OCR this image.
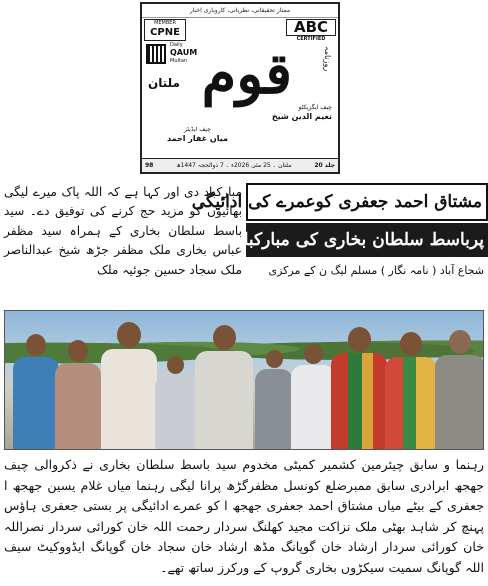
ممتاز تحقیقاتی، نظریاتی، کاروباری اخبار
MEMBER
CPNE	ABC
CERTIFIED
Daily
QAUM
Multan قوم	روزنامہ
ملتان
چیف ایگزیکٹو
نعیم الدین شیخ
چیف ایڈیٹر
میاں غفار احمد
جلد 20
ملتان ۔ 25 مئی 2026ء ۔ 7 ذوالحجہ 1447ھ
98
مشتاق احمد جعفری کوعمرے کی ادائیگی
پرباسط سلطان بخاری کی مبارکباد
شجاع آباد ( نامہ نگار ) مسلم لیگ ن کے مرکزی
مبارکباد دی اور کہا ہے کہ اللہ پاک میرے لیگی بھائیوں کو مزید حج کرنے کی توفیق دے۔ سید باسط سلطان بخاری کے ہمراہ سید مظفر عباس بخاری ملک مظفر جڑھ شیخ عبدالناصر ملک سجاد حسین جوئیہ ملک
رہنما و سابق چیئرمین کشمیر کمیٹی مخدوم سید باسط سلطان بخاری نے ذکروالی چیف جھجھ ابرادری سابق ممبرضلع کونسل مظفرگڑھ پرانا لیگی رہنما میاں غلام یسین جھجھ ا جعفری کے بیٹے میاں مشتاق احمد جعفری جھجھ ا کو عمرے ادائیگی پر بستی جعفری ہاؤس پہنچ کر شاہد بھٹی ملک نزاکت مجید کھلنگ سردار رحمت اللہ خان کورائی سردار نصراللہ خان کورائی سردار ارشاد خان گوپانگ مڈھ ارشاد خان سجاد خان گوپانگ ایڈووکیٹ سیف اللہ گوپانگ سمیت سیکڑوں بخاری گروپ کے ورکرز ساتھ تھے۔
